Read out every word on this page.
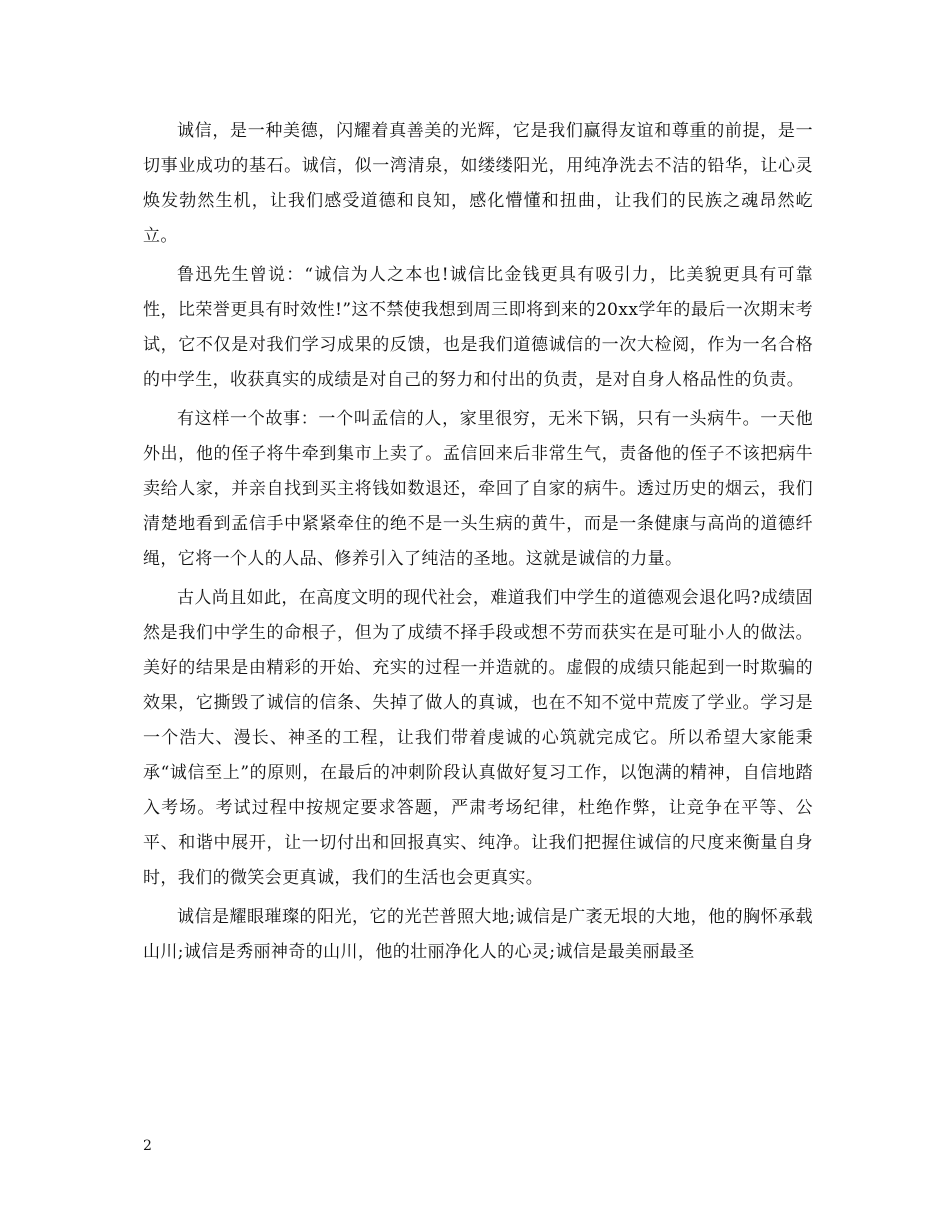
诚信，是一种美德，闪耀着真善美的光辉，它是我们赢得友谊和尊重的前提，是一切事业成功的基石。诚信，似一湾清泉，如缕缕阳光，用纯净洗去不洁的铅华，让心灵焕发勃然生机，让我们感受道德和良知，感化懵懂和扭曲，让我们的民族之魂昂然屹立。

鲁迅先生曾说：“诚信为人之本也!诚信比金钱更具有吸引力，比美貌更具有可靠性，比荣誉更具有时效性!”这不禁使我想到周三即将到来的20xx学年的最后一次期末考试，它不仅是对我们学习成果的反馈，也是我们道德诚信的一次大检阅，作为一名合格的中学生，收获真实的成绩是对自己的努力和付出的负责，是对自身人格品性的负责。

有这样一个故事：一个叫孟信的人，家里很穷，无米下锅，只有一头病牛。一天他外出，他的侄子将牛牵到集市上卖了。孟信回来后非常生气，责备他的侄子不该把病牛卖给人家，并亲自找到买主将钱如数退还，牵回了自家的病牛。透过历史的烟云，我们清楚地看到孟信手中紧紧牵住的绝不是一头生病的黄牛，而是一条健康与高尚的道德纤绳，它将一个人的人品、修养引入了纯洁的圣地。这就是诚信的力量。

古人尚且如此，在高度文明的现代社会，难道我们中学生的道德观会退化吗?成绩固然是我们中学生的命根子，但为了成绩不择手段或想不劳而获实在是可耻小人的做法。美好的结果是由精彩的开始、充实的过程一并造就的。虚假的成绩只能起到一时欺骗的效果，它撕毁了诚信的信条、失掉了做人的真诚，也在不知不觉中荒废了学业。学习是一个浩大、漫长、神圣的工程，让我们带着虔诚的心筑就完成它。所以希望大家能秉承“诚信至上”的原则，在最后的冲刺阶段认真做好复习工作，以饱满的精神，自信地踏入考场。考试过程中按规定要求答题，严肃考场纪律，杜绝作弊，让竞争在平等、公平、和谐中展开，让一切付出和回报真实、纯净。让我们把握住诚信的尺度来衡量自身时，我们的微笑会更真诚，我们的生活也会更真实。

诚信是耀眼璀璨的阳光，它的光芒普照大地;诚信是广袤无垠的大地，他的胸怀承载山川;诚信是秀丽神奇的山川，他的壮丽净化人的心灵;诚信是最美丽最圣

2
